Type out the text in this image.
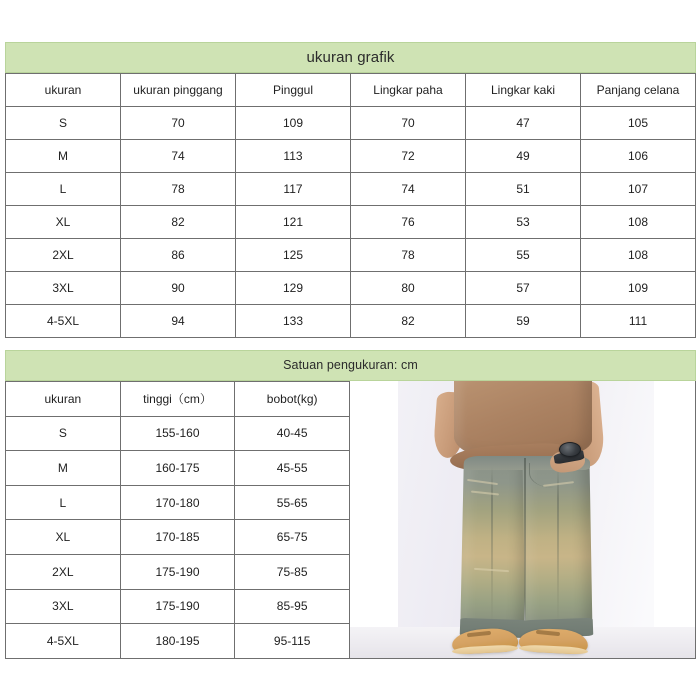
ukuran grafik
ukuran	ukuran pinggang	Pinggul	Lingkar paha	Lingkar kaki	Panjang celana
S	70	109	70	47	105
M	74	113	72	49	106
L	78	117	74	51	107
XL	82	121	76	53	108
2XL	86	125	78	55	108
3XL	90	129	80	57	109
4-5XL	94	133	82	59	111
Satuan pengukuran: cm
ukuran	tinggi（cm）	bobot(kg)
S	155-160	40-45
M	160-175	45-55
L	170-180	55-65
XL	170-185	65-75
2XL	175-190	75-85
3XL	175-190	85-95
4-5XL	180-195	95-115
